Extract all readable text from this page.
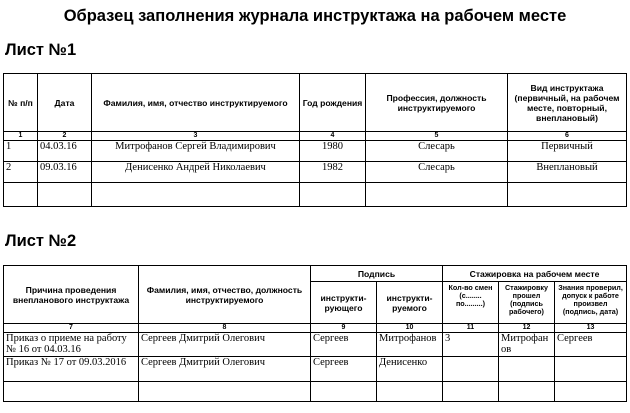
Образец заполнения журнала инструктажа на рабочем месте
Лист №1
№ п/п	Дата	Фамилия, имя, отчество инструктируемого	Год рождения	Профессия, должность инструктируемого	Вид инструктажа (первичный, на рабочем месте, повторный, внеплановый)
1	2	3	4	5	6
1	04.03.16	Митрофанов Сергей Владимирович	1980	Слесарь	Первичный
2	09.03.16	Денисенко Андрей Николаевич	1982	Слесарь	Внеплановый

Лист №2
Причина проведения внепланового инструктажа	Фамилия, имя, отчество, должность инструктируемого	Подпись		Стажировка на рабочем месте		
		инструкти-рующего	инструкти-руемого	Кол-во смен (с........ по.........)	Стажировку прошел (подпись рабочего)	Знания проверил, допуск к работе произвел (подпись, дата)
7	8	9	10	11	12	13
Приказ о приеме на работу № 16 от 04.03.16	Сергеев Дмитрий Олегович	Сергеев	Митрофанов	3	Митрофанов	Сергеев
Приказ № 17 от 09.03.2016	Сергеев Дмитрий Олегович	Сергеев	Денисенко			
